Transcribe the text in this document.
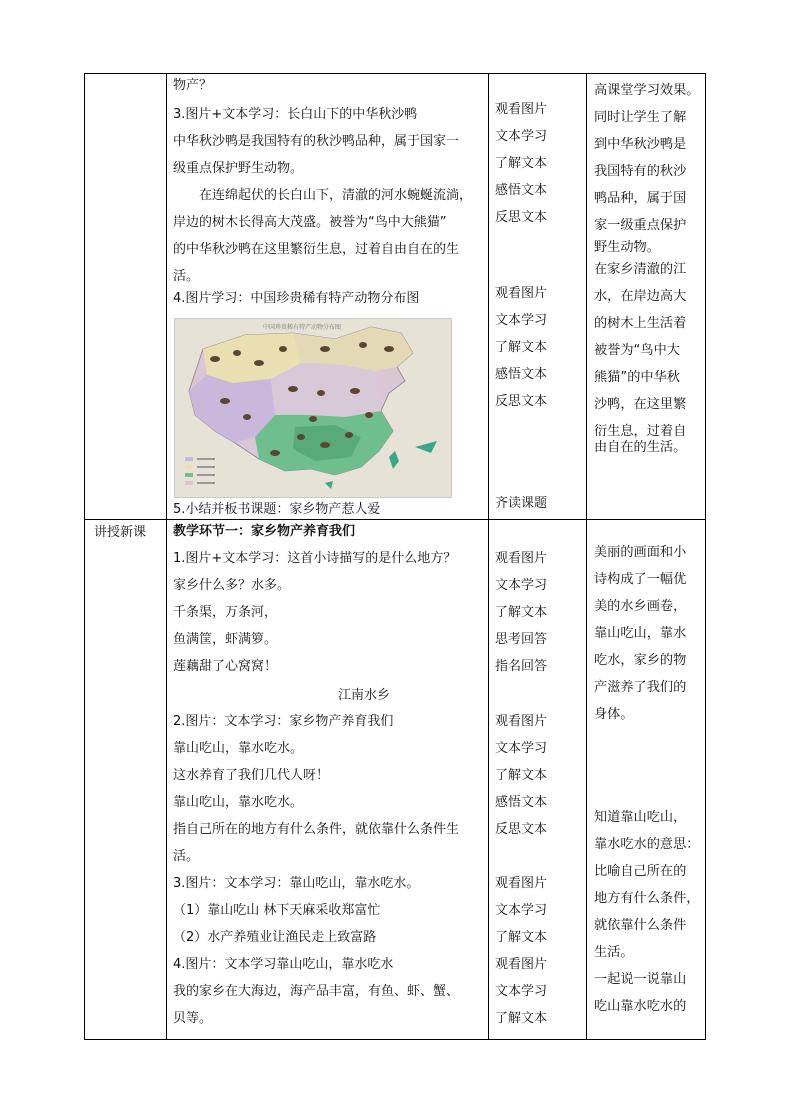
物产？
3.图片+文本学习：长白山下的中华秋沙鸭
中华秋沙鸭是我国特有的秋沙鸭品种，属于国家一
级重点保护野生动物。
　　在连绵起伏的长白山下，清澈的河水蜿蜒流淌，
岸边的树木长得高大茂盛。被誉为“鸟中大熊猫”
的中华秋沙鸭在这里繁衍生息，过着自由自在的生
活。
4.图片学习：中国珍贵稀有特产动物分布图
中国珍贵稀有特产动物分布图
5.小结并板书课题：家乡物产惹人爱
观看图片
文本学习
了解文本
感悟文本
反思文本
观看图片
文本学习
了解文本
感悟文本
反思文本
齐读课题
高课堂学习效果。
同时让学生了解
到中华秋沙鸭是
我国特有的秋沙
鸭品种，属于国
家一级重点保护
野生动物。
在家乡清澈的江
水，在岸边高大
的树木上生活着
被誉为“鸟中大
熊猫”的中华秋
沙鸭，在这里繁
衍生息，过着自
由自在的生活。
讲授新课 教学环节一：家乡物产养育我们
1.图片+文本学习：这首小诗描写的是什么地方？
家乡什么多？水多。
千条渠，万条河，
鱼满筐，虾满箩。
莲藕甜了心窝窝！
江南水乡
2.图片：文本学习：家乡物产养育我们
靠山吃山，靠水吃水。
这水养育了我们几代人呀！
靠山吃山，靠水吃水。
指自己所在的地方有什么条件，就依靠什么条件生
活。
3.图片：文本学习：靠山吃山，靠水吃水。
（1）靠山吃山 林下天麻采收郑富忙
（2）水产养殖业让渔民走上致富路
4.图片：文本学习靠山吃山，靠水吃水
我的家乡在大海边，海产品丰富，有鱼、虾、蟹、
贝等。
观看图片
文本学习
了解文本
思考回答
指名回答
观看图片
文本学习
了解文本
感悟文本
反思文本
观看图片
文本学习
了解文本
观看图片
文本学习
了解文本
美丽的画面和小
诗构成了一幅优
美的水乡画卷，
靠山吃山，靠水
吃水，家乡的物
产滋养了我们的
身体。
知道靠山吃山，
靠水吃水的意思：
比喻自己所在的
地方有什么条件，
就依靠什么条件
生活。
一起说一说靠山
吃山靠水吃水的
